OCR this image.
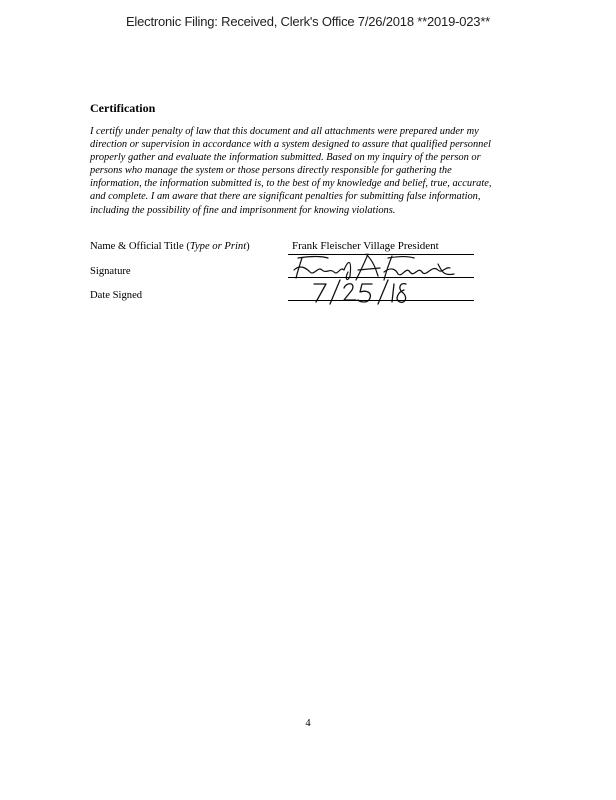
Electronic Filing: Received, Clerk's Office 7/26/2018 **2019-023**
Certification
I certify under penalty of law that this document and all attachments were prepared under my
direction or supervision in accordance with a system designed to assure that qualified personnel
properly gather and evaluate the information submitted. Based on my inquiry of the person or
persons who manage the system or those persons directly responsible for gathering the
information, the information submitted is, to the best of my knowledge and belief, true, accurate,
and complete. I am aware that there are significant penalties for submitting false information,
including the possibility of fine and imprisonment for knowing violations.
Name & Official Title (Type or Print)	Frank Fleischer Village President
Signature
Date Signed
4
